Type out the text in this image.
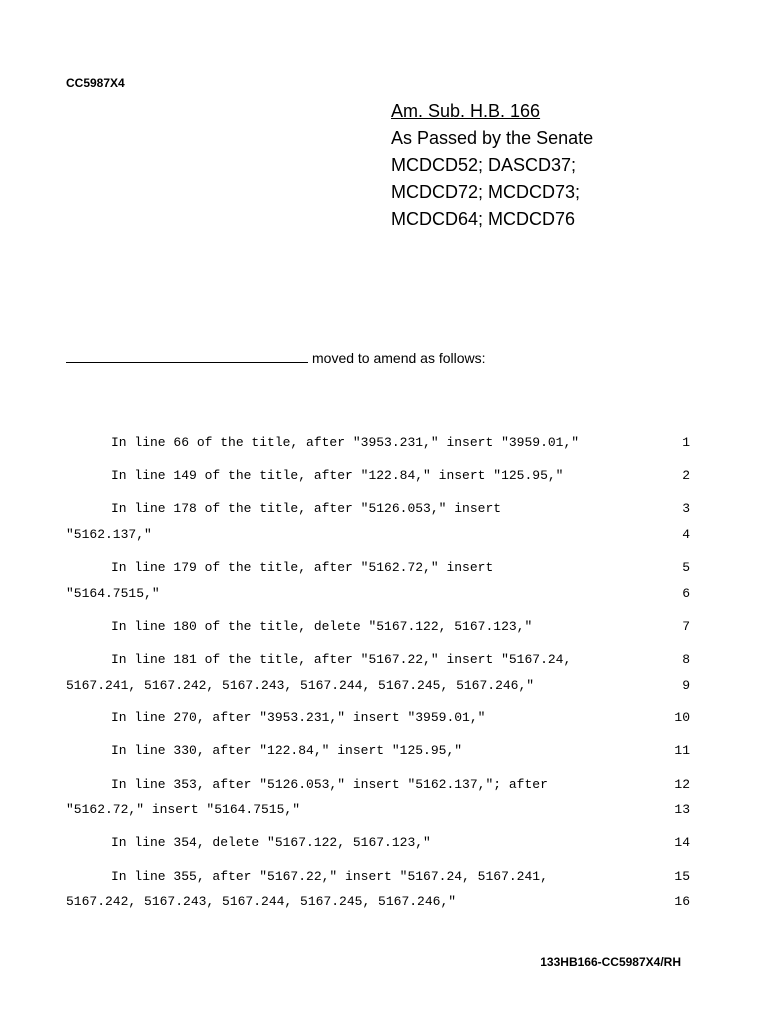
CC5987X4
Am. Sub. H.B. 166
As Passed by the Senate
MCDCD52; DASCD37;
MCDCD72; MCDCD73;
MCDCD64; MCDCD76
moved to amend as follows:
In line 66 of the title, after "3953.231," insert "3959.01,"	1
In line 149 of the title, after "122.84," insert "125.95,"	2
In line 178 of the title, after "5126.053," insert	3
"5162.137,"	4
In line 179 of the title, after "5162.72," insert	5
"5164.7515,"	6
In line 180 of the title, delete "5167.122, 5167.123,"	7
In line 181 of the title, after "5167.22," insert "5167.24,	8
5167.241, 5167.242, 5167.243, 5167.244, 5167.245, 5167.246,"	9
In line 270, after "3953.231," insert "3959.01,"	10
In line 330, after "122.84," insert "125.95,"	11
In line 353, after "5126.053," insert "5162.137,"; after	12
"5162.72," insert "5164.7515,"	13
In line 354, delete "5167.122, 5167.123,"	14
In line 355, after "5167.22," insert "5167.24, 5167.241,	15
5167.242, 5167.243, 5167.244, 5167.245, 5167.246,"	16
133HB166-CC5987X4/RH
